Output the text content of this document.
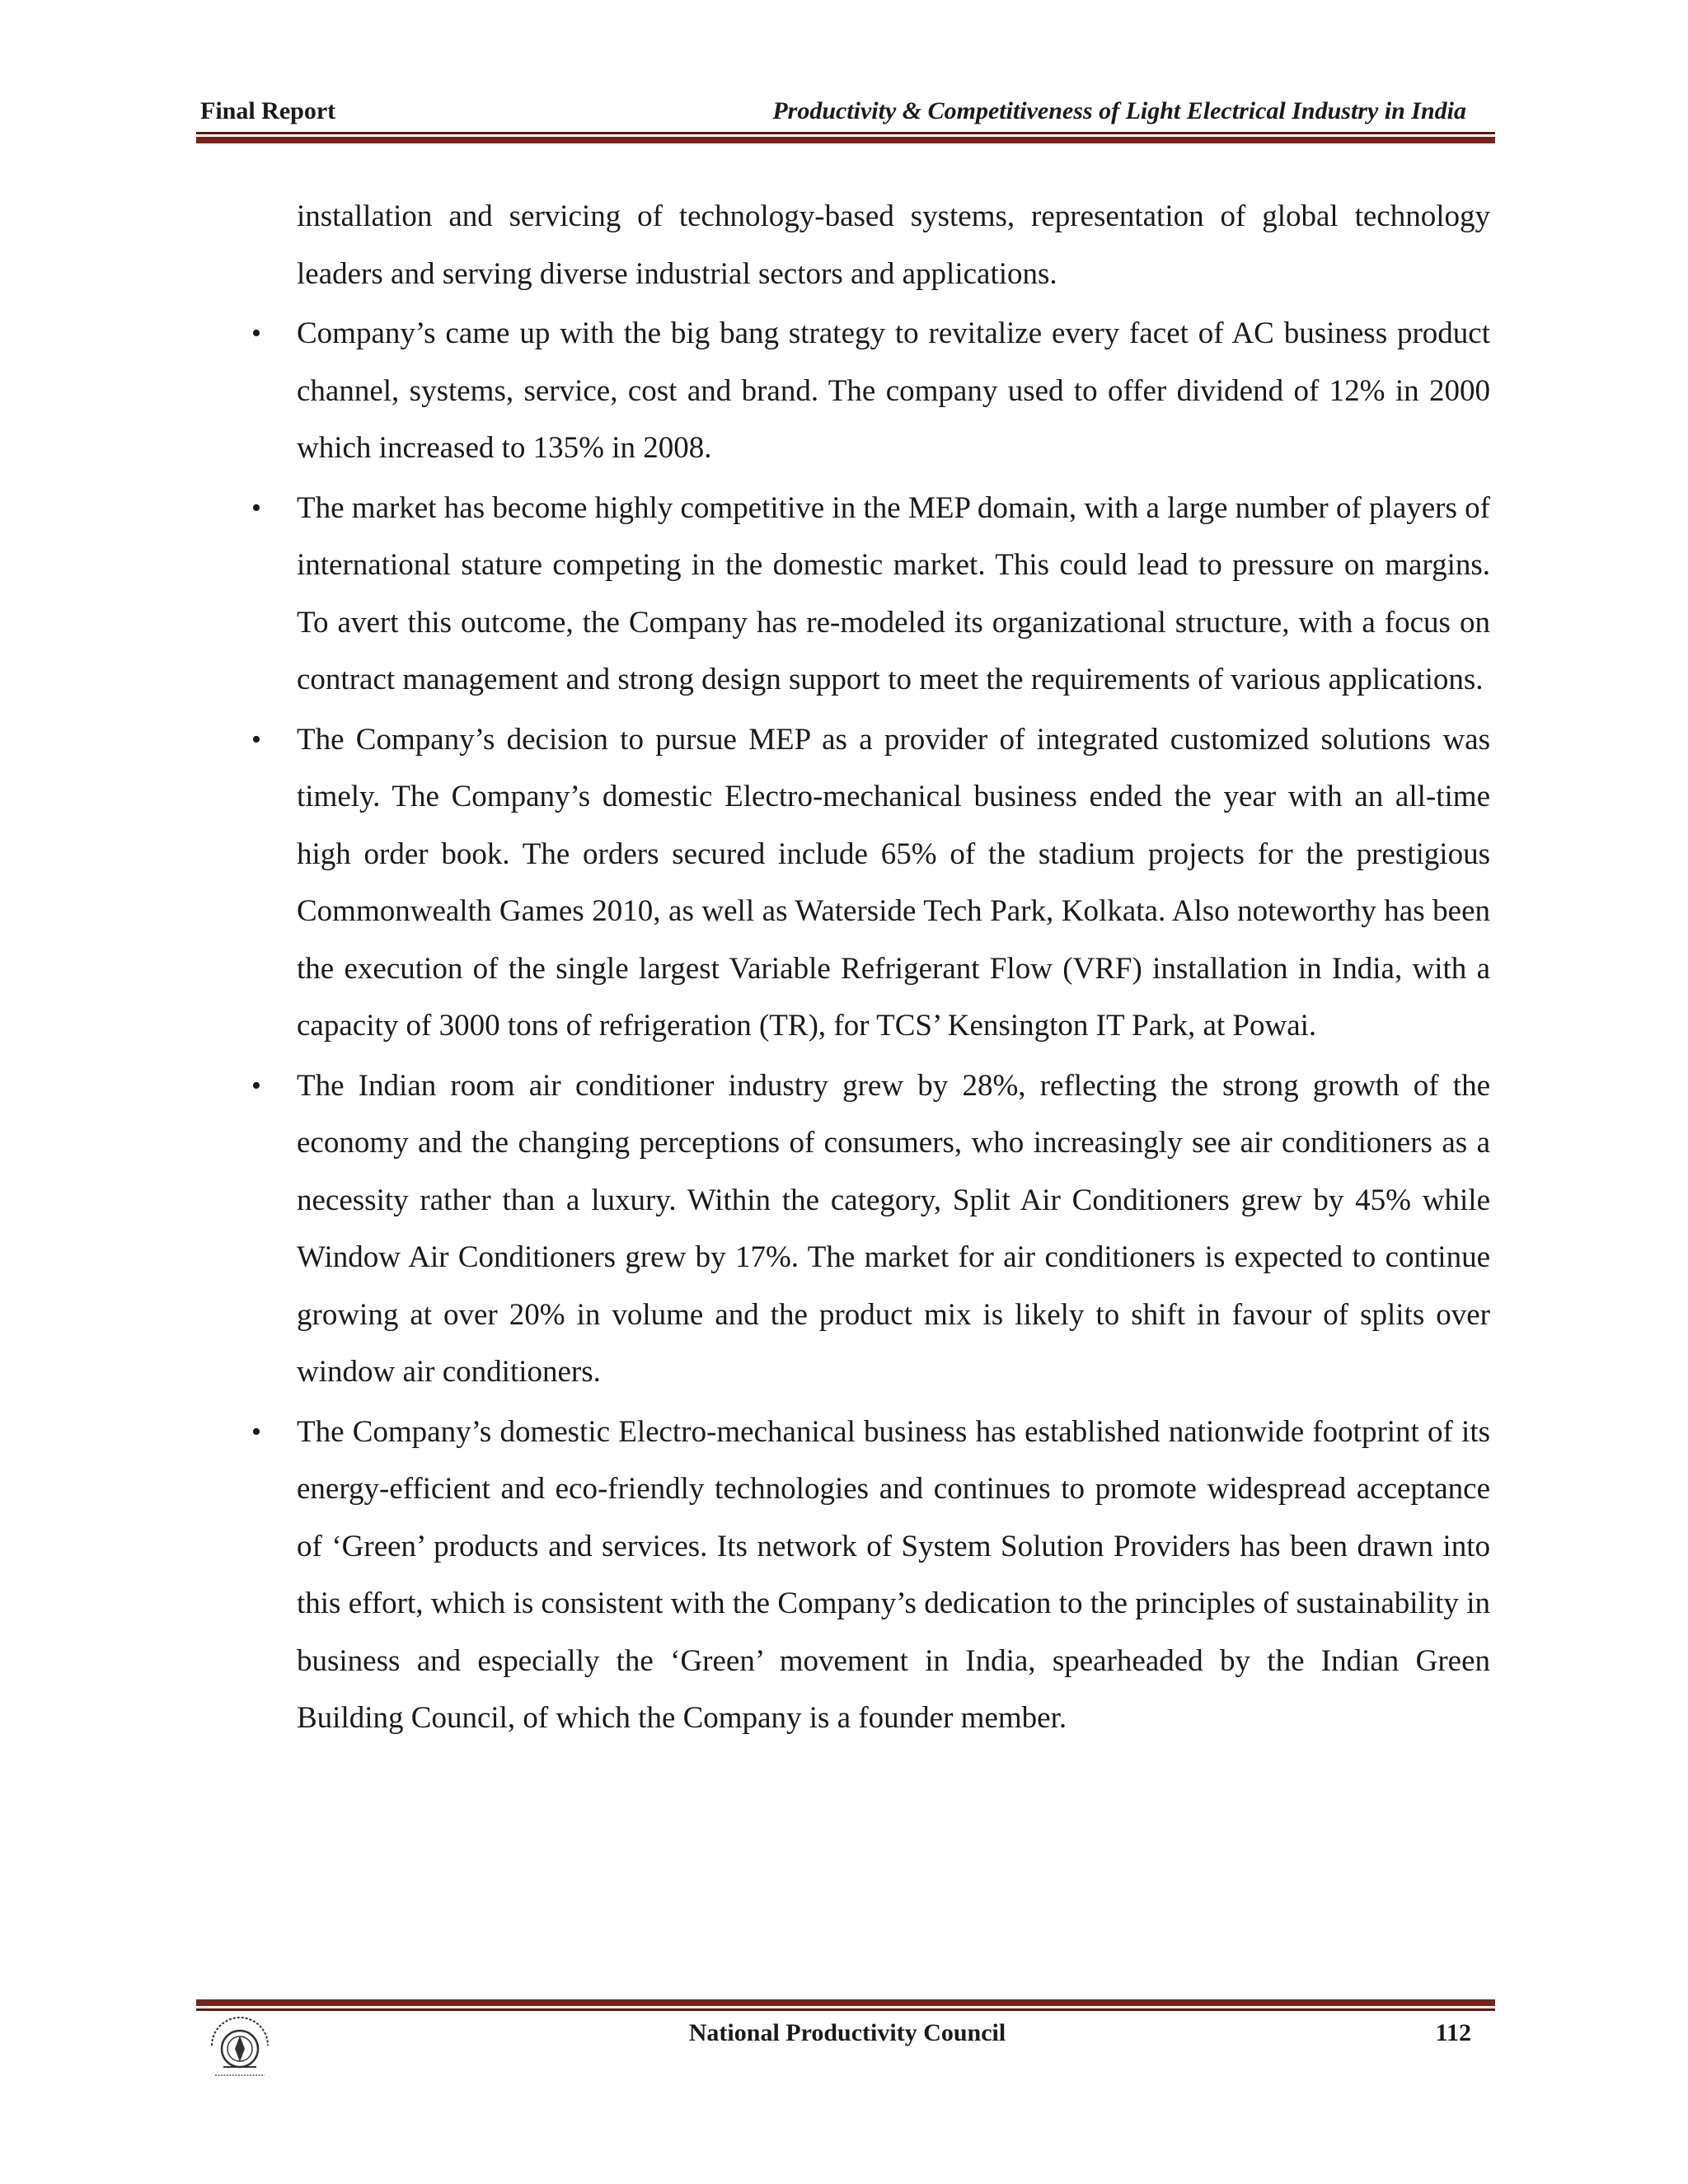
Final Report	Productivity & Competitiveness of Light Electrical Industry in India

installation and servicing of technology-based systems, representation of global technology leaders and serving diverse industrial sectors and applications.

• Company’s came up with the big bang strategy to revitalize every facet of AC business product channel, systems, service, cost and brand. The company used to offer dividend of 12% in 2000 which increased to 135% in 2008.
• The market has become highly competitive in the MEP domain, with a large number of players of international stature competing in the domestic market. This could lead to pressure on margins. To avert this outcome, the Company has re-modeled its organizational structure, with a focus on contract management and strong design support to meet the requirements of various applications.
• The Company’s decision to pursue MEP as a provider of integrated customized solutions was timely. The Company’s domestic Electro-mechanical business ended the year with an all-time high order book. The orders secured include 65% of the stadium projects for the prestigious Commonwealth Games 2010, as well as Waterside Tech Park, Kolkata. Also noteworthy has been the execution of the single largest Variable Refrigerant Flow (VRF) installation in India, with a capacity of 3000 tons of refrigeration (TR), for TCS’ Kensington IT Park, at Powai.
• The Indian room air conditioner industry grew by 28%, reflecting the strong growth of the economy and the changing perceptions of consumers, who increasingly see air conditioners as a necessity rather than a luxury. Within the category, Split Air Conditioners grew by 45% while Window Air Conditioners grew by 17%. The market for air conditioners is expected to continue growing at over 20% in volume and the product mix is likely to shift in favour of splits over window air conditioners.
• The Company’s domestic Electro-mechanical business has established nationwide footprint of its energy-efficient and eco-friendly technologies and continues to promote widespread acceptance of ‘Green’ products and services. Its network of System Solution Providers has been drawn into this effort, which is consistent with the Company’s dedication to the principles of sustainability in business and especially the ‘Green’ movement in India, spearheaded by the Indian Green Building Council, of which the Company is a founder member.
National Productivity Council	112
